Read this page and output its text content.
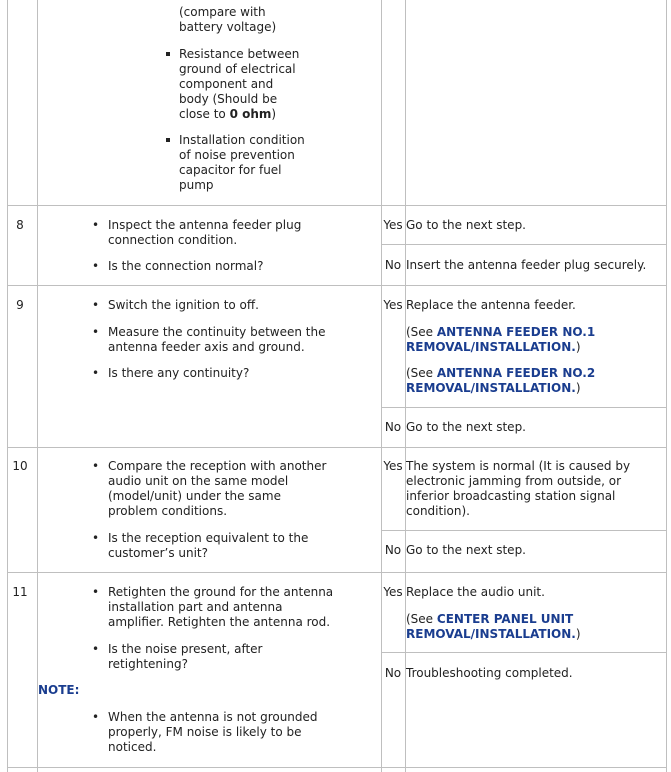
(compare with
battery voltage)
Resistance between
ground of electrical
component and
body (Should be
close to 0 ohm)
Installation condition
of noise prevention
capacitor for fuel
pump
8	• Inspect the antenna feeder plug
connection condition.
• Is the connection normal?
Yes Go to the next step.
No Insert the antenna feeder plug securely.
9	• Switch the ignition to off.
• Measure the continuity between the
antenna feeder axis and ground.
• Is there any continuity?
Yes Replace the antenna feeder.
(See ANTENNA FEEDER NO.1
REMOVAL/INSTALLATION.)
(See ANTENNA FEEDER NO.2
REMOVAL/INSTALLATION.)
No Go to the next step.
10	• Compare the reception with another
audio unit on the same model
(model/unit) under the same
problem conditions.
• Is the reception equivalent to the
customer’s unit?
Yes The system is normal (It is caused by
electronic jamming from outside, or
inferior broadcasting station signal
condition).
No Go to the next step.
11	• Retighten the ground for the antenna
installation part and antenna
amplifier. Retighten the antenna rod.
• Is the noise present, after
retightening?
NOTE:
• When the antenna is not grounded
properly, FM noise is likely to be
noticed.
Yes Replace the audio unit.
(See CENTER PANEL UNIT
REMOVAL/INSTALLATION.)
No Troubleshooting completed.
